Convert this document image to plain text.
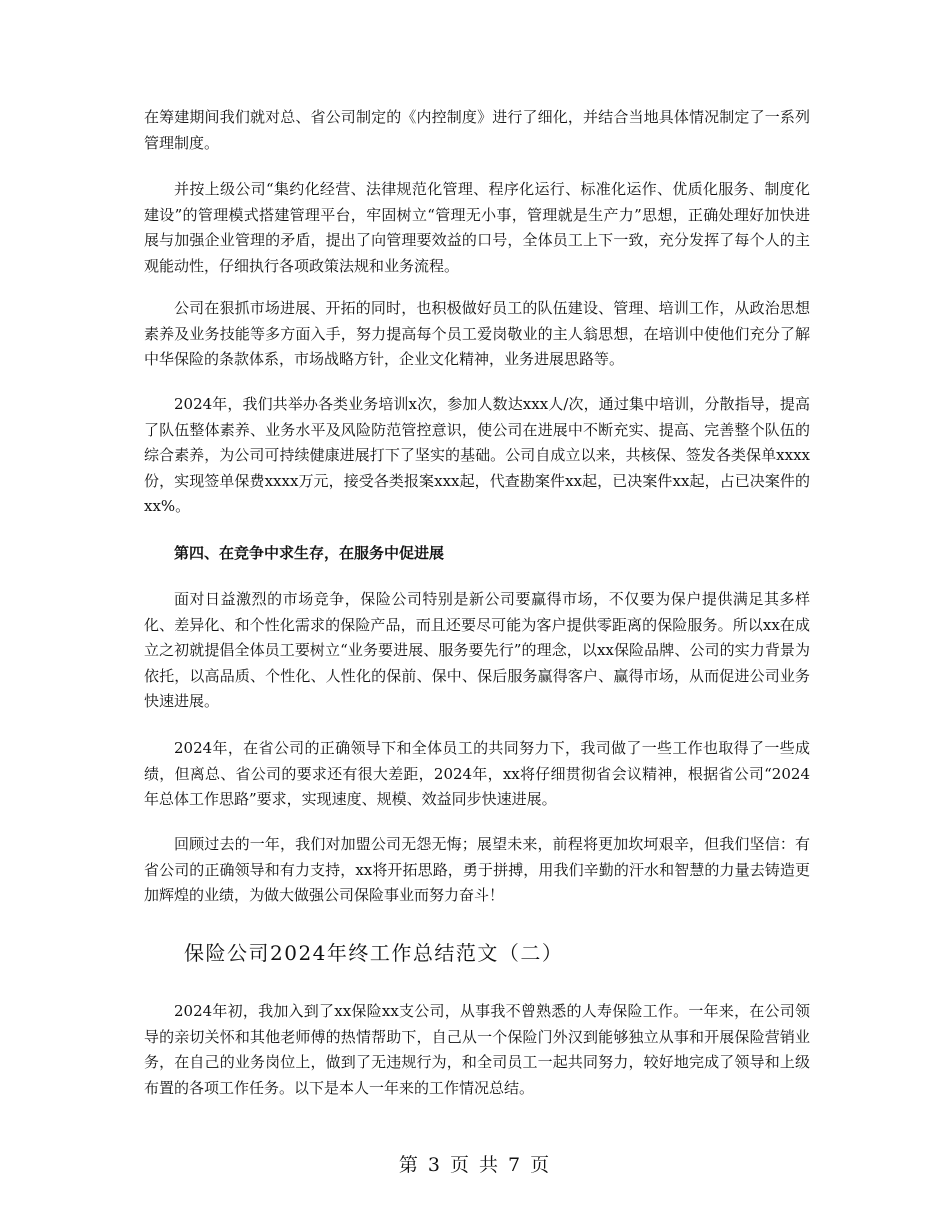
在筹建期间我们就对总、省公司制定的《内控制度》进行了细化，并结合当地具体情况制定了一系列管理制度。

并按上级公司“集约化经营、法律规范化管理、程序化运行、标准化运作、优质化服务、制度化建设”的管理模式搭建管理平台，牢固树立“管理无小事，管理就是生产力”思想，正确处理好加快进展与加强企业管理的矛盾，提出了向管理要效益的口号，全体员工上下一致，充分发挥了每个人的主观能动性，仔细执行各项政策法规和业务流程。

公司在狠抓市场进展、开拓的同时，也积极做好员工的队伍建设、管理、培训工作，从政治思想素养及业务技能等多方面入手，努力提高每个员工爱岗敬业的主人翁思想，在培训中使他们充分了解中华保险的条款体系，市场战略方针，企业文化精神，业务进展思路等。

2024年，我们共举办各类业务培训x次，参加人数达xxx人/次，通过集中培训，分散指导，提高了队伍整体素养、业务水平及风险防范管控意识，使公司在进展中不断充实、提高、完善整个队伍的综合素养，为公司可持续健康进展打下了坚实的基础。公司自成立以来，共核保、签发各类保单xxxx份，实现签单保费xxxx万元，接受各类报案xxx起，代查勘案件xx起，已决案件xx起，占已决案件的xx%。

第四、在竞争中求生存，在服务中促进展

面对日益激烈的市场竞争，保险公司特别是新公司要赢得市场，不仅要为保户提供满足其多样化、差异化、和个性化需求的保险产品，而且还要尽可能为客户提供零距离的保险服务。所以xx在成立之初就提倡全体员工要树立“业务要进展、服务要先行”的理念，以xx保险品牌、公司的实力背景为依托，以高品质、个性化、人性化的保前、保中、保后服务赢得客户、赢得市场，从而促进公司业务快速进展。

2024年，在省公司的正确领导下和全体员工的共同努力下，我司做了一些工作也取得了一些成绩，但离总、省公司的要求还有很大差距，2024年，xx将仔细贯彻省会议精神，根据省公司“2024年总体工作思路”要求，实现速度、规模、效益同步快速进展。

回顾过去的一年，我们对加盟公司无怨无悔；展望未来，前程将更加坎坷艰辛，但我们坚信：有省公司的正确领导和有力支持，xx将开拓思路，勇于拼搏，用我们辛勤的汗水和智慧的力量去铸造更加辉煌的业绩，为做大做强公司保险事业而努力奋斗！

保险公司2024年终工作总结范文（二）

2024年初，我加入到了xx保险xx支公司，从事我不曾熟悉的人寿保险工作。一年来，在公司领导的亲切关怀和其他老师傅的热情帮助下，自己从一个保险门外汉到能够独立从事和开展保险营销业务，在自己的业务岗位上，做到了无违规行为，和全司员工一起共同努力，较好地完成了领导和上级布置的各项工作任务。以下是本人一年来的工作情况总结。

第 3 页 共 7 页
